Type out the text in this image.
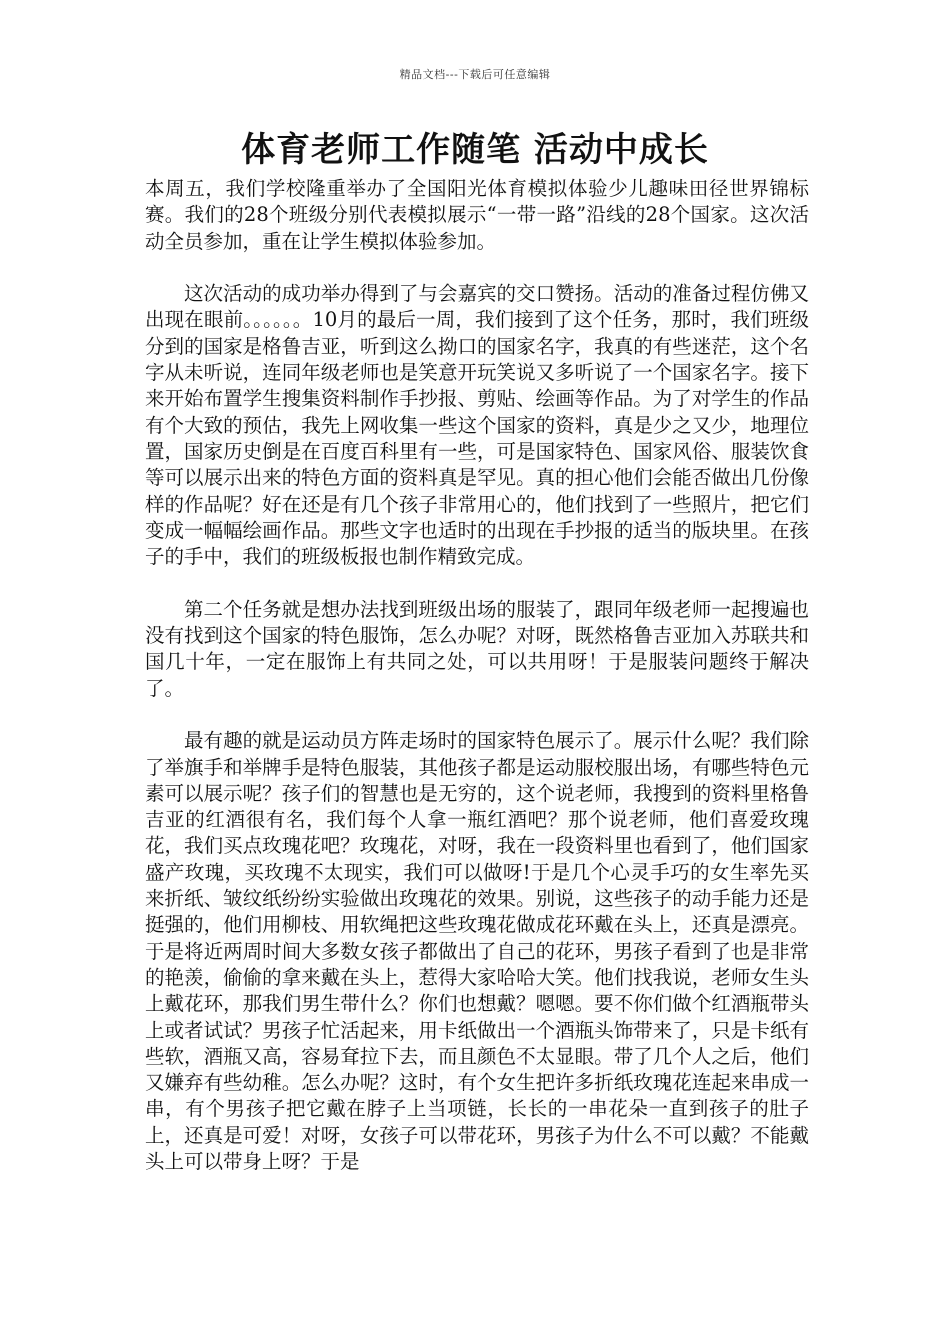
精品文档---下载后可任意编辑
体育老师工作随笔 活动中成长

本周五，我们学校隆重举办了全国阳光体育模拟体验少儿趣味田径世界锦标赛。我们的28个班级分别代表模拟展示“一带一路”沿线的28个国家。这次活动全员参加，重在让学生模拟体验参加。

这次活动的成功举办得到了与会嘉宾的交口赞扬。活动的准备过程仿佛又出现在眼前。。。。。。10月的最后一周，我们接到了这个任务，那时，我们班级分到的国家是格鲁吉亚，听到这么拗口的国家名字，我真的有些迷茫，这个名字从未听说，连同年级老师也是笑意开玩笑说又多听说了一个国家名字。接下来开始布置学生搜集资料制作手抄报、剪贴、绘画等作品。为了对学生的作品有个大致的预估，我先上网收集一些这个国家的资料，真是少之又少，地理位置，国家历史倒是在百度百科里有一些，可是国家特色、国家风俗、服装饮食等可以展示出来的特色方面的资料真是罕见。真的担心他们会能否做出几份像样的作品呢？好在还是有几个孩子非常用心的，他们找到了一些照片，把它们变成一幅幅绘画作品。那些文字也适时的出现在手抄报的适当的版块里。在孩子的手中，我们的班级板报也制作精致完成。

第二个任务就是想办法找到班级出场的服装了，跟同年级老师一起搜遍也没有找到这个国家的特色服饰，怎么办呢？对呀，既然格鲁吉亚加入苏联共和国几十年，一定在服饰上有共同之处，可以共用呀！于是服装问题终于解决了。

最有趣的就是运动员方阵走场时的国家特色展示了。展示什么呢？我们除了举旗手和举牌手是特色服装，其他孩子都是运动服校服出场，有哪些特色元素可以展示呢？孩子们的智慧也是无穷的，这个说老师，我搜到的资料里格鲁吉亚的红酒很有名，我们每个人拿一瓶红酒吧？那个说老师，他们喜爱玫瑰花，我们买点玫瑰花吧？玫瑰花，对呀，我在一段资料里也看到了，他们国家盛产玫瑰，买玫瑰不太现实，我们可以做呀!于是几个心灵手巧的女生率先买来折纸、皱纹纸纷纷实验做出玫瑰花的效果。别说，这些孩子的动手能力还是挺强的，他们用柳枝、用软绳把这些玫瑰花做成花环戴在头上，还真是漂亮。于是将近两周时间大多数女孩子都做出了自己的花环，男孩子看到了也是非常的艳羡，偷偷的拿来戴在头上，惹得大家哈哈大笑。他们找我说，老师女生头上戴花环，那我们男生带什么？你们也想戴？嗯嗯。要不你们做个红酒瓶带头上或者试试？男孩子忙活起来，用卡纸做出一个酒瓶头饰带来了，只是卡纸有些软，酒瓶又高，容易耷拉下去，而且颜色不太显眼。带了几个人之后，他们又嫌弃有些幼稚。怎么办呢？这时，有个女生把许多折纸玫瑰花连起来串成一串，有个男孩子把它戴在脖子上当项链，长长的一串花朵一直到孩子的肚子上，还真是可爱！对呀，女孩子可以带花环，男孩子为什么不可以戴？不能戴头上可以带身上呀？于是
